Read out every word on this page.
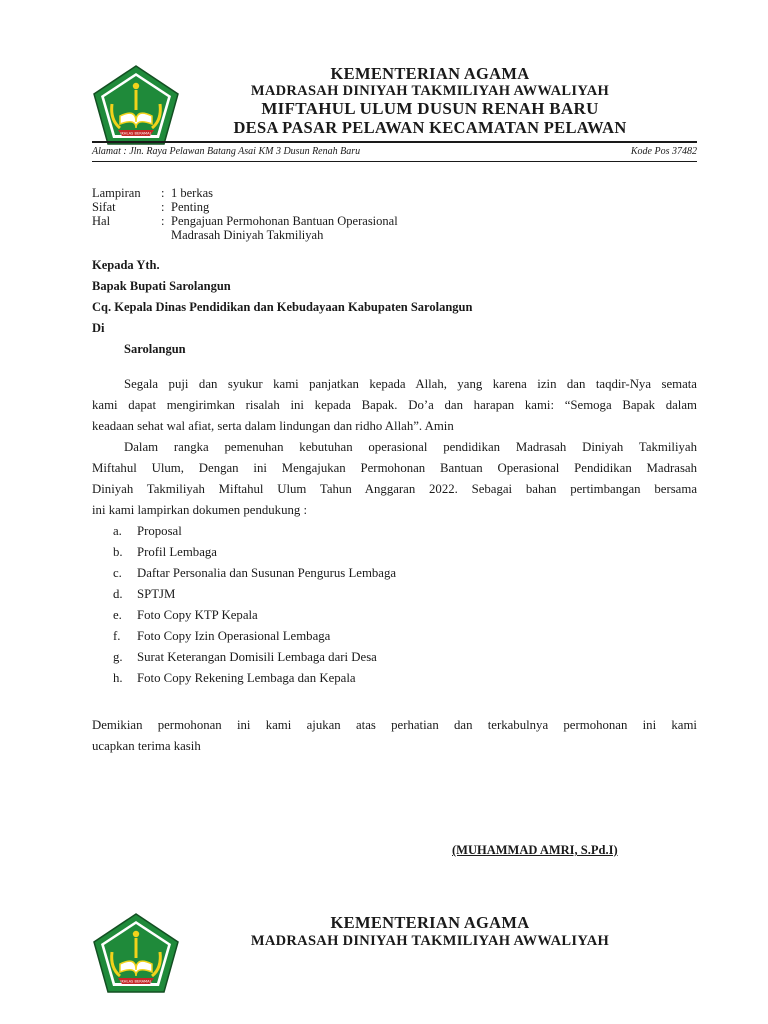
IKHLAS BERAMAL
KEMENTERIAN AGAMA
MADRASAH DINIYAH TAKMILIYAH AWWALIYAH
MIFTAHUL ULUM DUSUN RENAH BARU
DESA PASAR PELAWAN KECAMATAN PELAWAN
Alamat : Jln. Raya Pelawan Batang Asai KM 3 Dusun Renah Baru	Kode Pos 37482
Lampiran	: 1 berkas
Sifat	: Penting
Hal	: Pengajuan Permohonan Bantuan Operasional
Madrasah Diniyah Takmiliyah
Kepada Yth.
Bapak Bupati Sarolangun
Cq. Kepala Dinas Pendidikan dan Kebudayaan Kabupaten Sarolangun
Di
Sarolangun
Segala puji dan syukur kami panjatkan kepada Allah, yang karena izin dan taqdir-Nya semata
kami dapat mengirimkan risalah ini kepada Bapak. Do’a dan harapan kami: “Semoga Bapak dalam
keadaan sehat wal afiat, serta dalam lindungan dan ridho Allah”. Amin
Dalam rangka pemenuhan kebutuhan operasional pendidikan Madrasah Diniyah Takmiliyah
Miftahul Ulum, Dengan ini Mengajukan Permohonan Bantuan Operasional Pendidikan Madrasah
Diniyah Takmiliyah Miftahul Ulum Tahun Anggaran 2022. Sebagai bahan pertimbangan bersama
ini kami lampirkan dokumen pendukung :
a.	Proposal
b.	Profil Lembaga
c.	Daftar Personalia dan Susunan Pengurus Lembaga
d.	SPTJM
e.	Foto Copy KTP Kepala
f.	Foto Copy Izin Operasional Lembaga
g.	Surat Keterangan Domisili Lembaga dari Desa
h.	Foto Copy Rekening Lembaga dan Kepala
Demikian permohonan ini kami ajukan atas perhatian dan terkabulnya permohonan ini kami
ucapkan terima kasih
(MUHAMMAD AMRI, S.Pd.I)
IKHLAS BERAMAL
KEMENTERIAN AGAMA
MADRASAH DINIYAH TAKMILIYAH AWWALIYAH
